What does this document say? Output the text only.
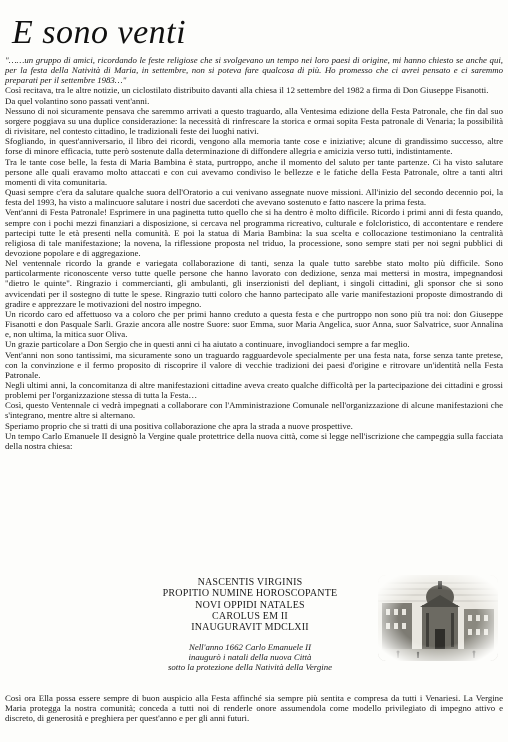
E sono venti

"……un gruppo di amici, ricordando le feste religiose che si svolgevano un tempo nei loro paesi di origine, mi hanno chiesto se anche qui, per la festa della Natività di Maria, in settembre, non si poteva fare qualcosa di più. Ho promesso che ci avrei pensato e ci saremmo preparati per il settembre 1983…"

Così recitava, tra le altre notizie, un ciclostilato distribuito davanti alla chiesa il 12 settembre del 1982 a firma di Don Giuseppe Fisanotti.

Da quel volantino sono passati vent'anni.

Nessuno di noi sicuramente pensava che saremmo arrivati a questo traguardo, alla Ventesima edizione della Festa Patronale, che fin dal suo sorgere poggiava su una duplice considerazione: la necessità di rinfrescare la storica e ormai sopita Festa patronale di Venaria; la possibilità di rivisitare, nel contesto cittadino, le tradizionali feste dei luoghi nativi.

Sfogliando, in quest'anniversario, il libro dei ricordi, vengono alla memoria tante cose e iniziative; alcune di grandissimo successo, altre forse di minore efficacia, tutte però sostenute dalla determinazione di diffondere allegria e amicizia verso tutti, indistintamente.

Tra le tante cose belle, la festa di Maria Bambina è stata, purtroppo, anche il momento del saluto per tante partenze. Ci ha visto salutare persone alle quali eravamo molto attaccati e con cui avevamo condiviso le bellezze e le fatiche della Festa Patronale, oltre a tanti altri momenti di vita comunitaria.

Quasi sempre c'era da salutare qualche suora dell'Oratorio a cui venivano assegnate nuove missioni. All'inizio del secondo decennio poi, la festa del 1993, ha visto a malincuore salutare i nostri due sacerdoti che avevano sostenuto e fatto nascere la prima festa.

Vent'anni di Festa Patronale! Esprimere in una paginetta tutto quello che si ha dentro è molto difficile. Ricordo i primi anni di festa quando, sempre con i pochi mezzi finanziari a disposizione, si cercava nel programma ricreativo, culturale e folcloristico, di accontentare e rendere partecipi tutte le età presenti nella comunità. E poi la statua di Maria Bambina: la sua scelta e collocazione testimoniano la centralità religiosa di tale manifestazione; la novena, la riflessione proposta nel triduo, la processione, sono sempre stati per noi segni pubblici di devozione popolare e di aggregazione.

Nel ventennale ricordo la grande e variegata collaborazione di tanti, senza la quale tutto sarebbe stato molto più difficile. Sono particolarmente riconoscente verso tutte quelle persone che hanno lavorato con dedizione, senza mai mettersi in mostra, impegnandosi "dietro le quinte". Ringrazio i commercianti, gli ambulanti, gli inserzionisti del depliant, i singoli cittadini, gli sponsor che si sono avvicendati per il sostegno di tutte le spese. Ringrazio tutti coloro che hanno partecipato alle varie manifestazioni proposte dimostrando di gradire e apprezzare le motivazioni del nostro impegno.

Un ricordo caro ed affettuoso va a coloro che per primi hanno creduto a questa festa e che purtroppo non sono più tra noi: don Giuseppe Fisanotti e don Pasquale Sarli. Grazie ancora alle nostre Suore: suor Emma, suor Maria Angelica, suor Anna, suor Salvatrice, suor Annalina e, non ultima, la mitica suor Oliva.

Un grazie particolare a Don Sergio che in questi anni ci ha aiutato a continuare, invogliandoci sempre a far meglio.

Vent'anni non sono tantissimi, ma sicuramente sono un traguardo ragguardevole specialmente per una festa nata, forse senza tante pretese, con la convinzione e il fermo proposito di riscoprire il valore di vecchie tradizioni dei paesi d'origine e ritrovare un'identità nella Festa Patronale.

Negli ultimi anni, la concomitanza di altre manifestazioni cittadine aveva creato qualche difficoltà per la partecipazione dei cittadini e grossi problemi per l'organizzazione stessa di tutta la Festa…

Così, questo Ventennale ci vedrà impegnati a collaborare con l'Amministrazione Comunale nell'organizzazione di alcune manifestazioni che s'integrano, mentre altre si alternano.

Speriamo proprio che si tratti di una positiva collaborazione che apra la strada a nuove prospettive.

Un tempo Carlo Emanuele II designò la Vergine quale protettrice della nuova città, come si legge nell'iscrizione che campeggia sulla facciata della nostra chiesa:

NASCENTIS VIRGINIS
PROPITIO NUMINE HOROSCOPANTE
NOVI OPPIDI NATALES
CAROLUS EM II
INAUGURAVIT MDCLXII
Nell'anno 1662 Carlo Emanuele II
inaugurò i natali della nuova Città
sotto la protezione della Natività della Vergine

Così ora Ella possa essere sempre di buon auspicio alla Festa affinché sia sempre più sentita e compresa da tutti i Venariesi. La Vergine Maria protegga la nostra comunità; conceda a tutti noi di renderle onore assumendola come modello privilegiato di impegno attivo e discreto, di generosità e preghiera per quest'anno e per gli anni futuri.
